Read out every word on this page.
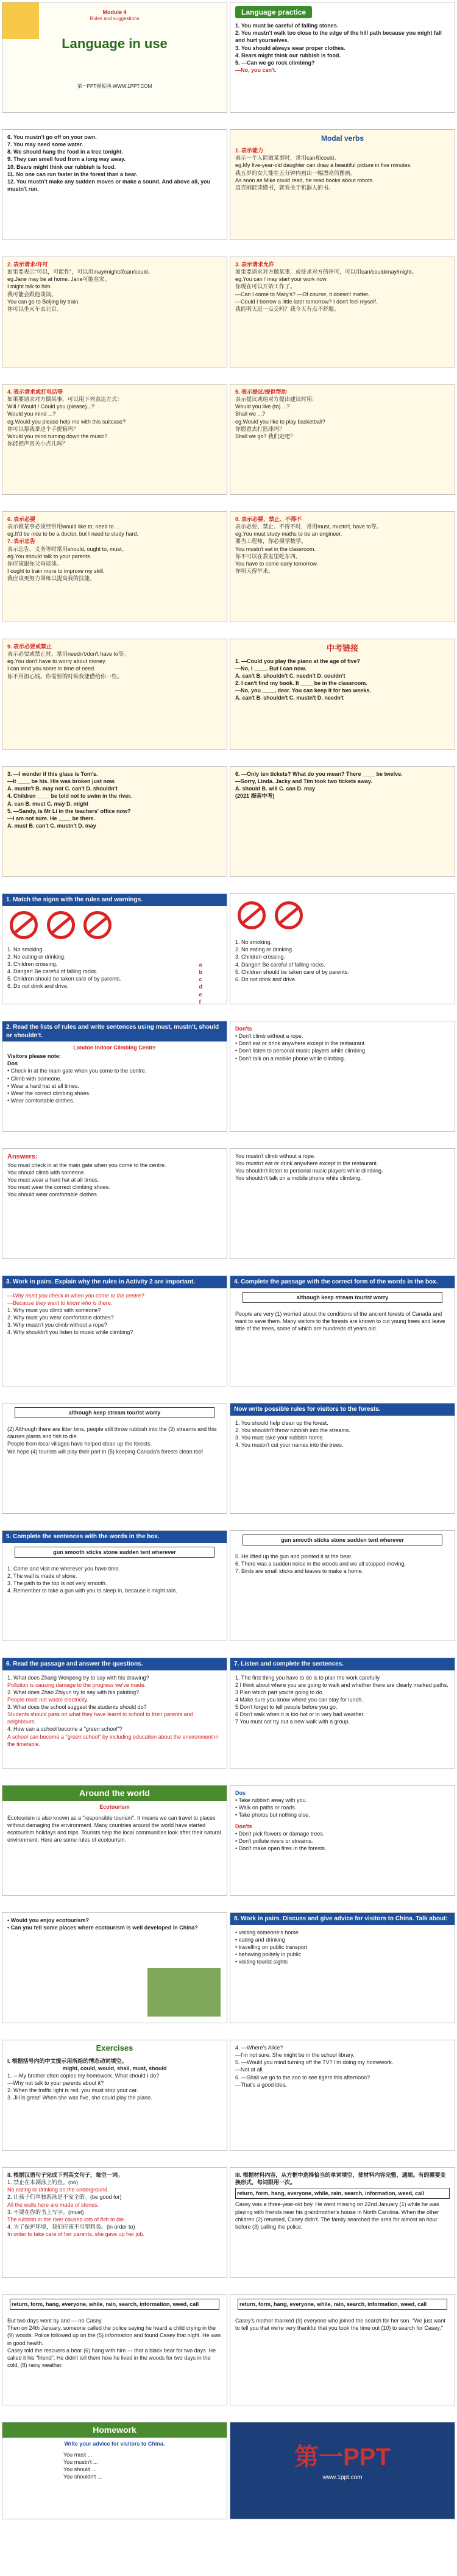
Module 4
Rules and suggestions
Language in use
第一PPT模板网-WWW.1PPT.COM
Language practice
1. You must be careful of falling stones.
2. You mustn't walk too close to the edge of the hill path because you might fall and hurt yourselves.
3. You should always wear proper clothes.
4. Bears might think our rubbish is food.
5. —Can we go rock climbing?
—No, you can't.
6. You mustn't go off on your own.
7. You may need some water.
8. We should hang the food in a tree tonight.
9. They can smell food from a long way away.
10. Bears might think our rubbish is food.
11. No one can run faster in the forest than a bear.
12. You mustn't make any sudden moves or make a sound. And above all, you mustn't run.
Modal verbs
1. 表示能力
表示一个人能做某事时，常用can和could。
eg.My five-year-old daughter can draw a beautiful picture in five minutes.
我五岁的女儿能在五分钟内画出一幅漂亮的图画。
As soon as Mike could read, he read books about robots.
迈克刚能读懂书，就看关于机器人的书。
2. 表示请求/许可
如果要表示"可以，可能性"，可以用may/might或can/could。
eg.Jane may be at home. Jane可能在家。
I might talk to him.
我可能会跟他谈谈。
You can go to Beijing by train.
你可以坐火车去北京。
3. 表示请求允许
如果要请求对方做某事，或征求对方的许可，可以用can/could/may/might。
eg.You can / may start your work now.
你现在可以开始工作了。
—Can I come to Mary's? —Of course, it doesn't matter.
—Could I borrow a little later tomorrow? I don't feel myself.
我能明天迟一点交吗？我今天有点不舒服。
4. 表示请求或打电话等
如果要请求对方做某事，可以用下列表达方式：
Will / Would / Could you (please)...?
Would you mind ...?
eg.Would you please help me with this suitcase?
你可以帮我拿这个手提箱吗？
Would you mind turning down the music?
你能把声音关小点儿吗？
5. 表示提议/提供帮助
表示提议或给对方提出建议时用:
Would you like (to) ...?
Shall we ...?
eg.Would you like to play basketball?
你愿意去打篮球吗？
Shall we go? 我们走吧？
6. 表示必要
表示做某事必须经常用would like to; need to ...
eg.It'd be nice to be a doctor, but I need to study hard.
7. 表示忠告
表示忠告，义务等时常用should, ought to, must。
eg.You should talk to your parents.
你应该跟你父母谈谈。
I ought to train more to improve my skill.
我应该更努力训练以提高我的技能。
8. 表示必要、禁止、不得不
表示必要、禁止、不得不时，常用must, mustn't, have to等。
eg.You must study maths to be an engineer.
要当工程师，你必须学数学。
You mustn't eat in the classroom.
你不可以在教室里吃东西。
You have to come early tomorrow.
你明天得早来。
9. 表示必要或禁止
表示必要或禁止时，常用needn't/don't have to等。
eg.You don't have to worry about money.
I can lend you some in time of need.
你不用担心钱。你需要的时候我能借给你一些。
中考链接
1. —Could you play the piano at the age of five?
—No, I ____. But I can now.
A. can't B. shouldn't C. needn't D. couldn't
2. I can't find my book. It ____ be in the classroom.
—No, you ____, dear. You can keep it for two weeks.
A. can't B. shouldn't C. mustn't D. needn't
3. —I wonder if this glass is Tom's.
—It ____ be his. His was broken just now.
A. mustn't B. may not C. can't D. shouldn't
4. Children ____ be told not to swim in the river.
A. can B. must C. may D. might
5. —Sandy, is Mr Li in the teachers' office now?
—I am not sure. He ____ be there.
A. must B. can't C. mustn't D. may
6. —Only ten tickets? What do you mean? There ____ be twelve.
—Sorry, Linda. Jacky and Tim took two tickets away.
A. should B. will C. can D. may
(2021 海南中考)
1. Match the signs with the rules and warnings.

1. No smoking.
2. No eating or drinking.
3. Children crossing.
4. Danger! Be careful of falling rocks.
5. Children should be taken care of by parents.
6. Do not drink and drive.
a
b
c
d
e
f

1. No smoking.
2. No eating or drinking.
3. Children crossing.
4. Danger! Be careful of falling rocks.
5. Children should be taken care of by parents.
6. Do not drink and drive.
2. Read the lists of rules and write sentences using must, mustn't, should or shouldn't.
London Indoor Climbing Centre
Visitors please note:
Dos
• Check in at the main gate when you come to the centre.
• Climb with someone.
• Wear a hard hat at all times.
• Wear the correct climbing shoes.
• Wear comfortable clothes.
Don'ts
• Don't climb without a rope.
• Don't eat or drink anywhere except in the restaurant.
• Don't listen to personal music players while climbing.
• Don't talk on a mobile phone while climbing.
Answers:
You must check in at the main gate when you come to the centre.
You should climb with someone.
You must wear a hard hat at all times.
You must wear the correct climbing shoes.
You should wear comfortable clothes.
You mustn't climb without a rope.
You mustn't eat or drink anywhere except in the restaurant.
You shouldn't listen to personal music players while climbing.
You shouldn't talk on a mobile phone while climbing.
3. Work in pairs. Explain why the rules in Activity 2 are important.
—Why must you check in when you come to the centre?
—Because they want to know who is there.
1. Why must you climb with someone?
2. Why must you wear comfortable clothes?
3. Why mustn't you climb without a rope?
4. Why shouldn't you listen to music while climbing?
4. Complete the passage with the correct form of the words in the box.
although keep stream tourist worry
People are very (1) worried about the conditions of the ancient forests of Canada and want to save them. Many visitors to the forests are known to cut young trees and leave little of the trees, some of which are hundreds of years old.
although keep stream tourist worry
(2) Although there are litter bins, people still throw rubbish into the (3) streams and this causes plants and fish to die.
People from local villages have helped clean up the forests.
We hope (4) tourists will play their part in (5) keeping Canada's forests clean too!
Now write possible rules for visitors to the forests.
1. You should help clean up the forest.
2. You shouldn't throw rubbish into the streams.
3. You must take your rubbish home.
4. You mustn't cut your names into the trees.
5. Complete the sentences with the words in the box.
gun smooth sticks stone sudden tent wherever
1. Come and visit me wherever you have time.
2. The wall is made of stone.
3. The path to the top is not very smooth.
4. Remember to take a gun with you to sleep in, because it might rain.
gun smooth sticks stone sudden tent wherever
5. He lifted up the gun and pointed it at the bear.
6. There was a sudden noise in the woods and we all stopped moving.
7. Birds are small sticks and leaves to make a home.
6. Read the passage and answer the questions.
1. What does Zhang Wenpeng try to say with his drawing?
Pollution is causing damage to the progress we've made.
2. What does Zhao Zhiyun try to say with his painting?
People must not waste electricity.
3. What does the school suggest the students should do?
Students should pass on what they have learnt in school to their parents and neighbours.
4. How can a school become a "green school"?
A school can become a "green school" by including education about the environment in the timetable.
7. Listen and complete the sentences.
1. The first thing you have to do is to plan the work carefully.
2 I think about where you are going to walk and whether there are clearly marked paths.
3 Plan which part you're going to do.
4 Make sure you know where you can stay for lunch.
5 Don't forget to tell people before you go.
6 Don't walk when it is too hot or in very bad weather.
7 You must not try out a new walk with a group.
Around the world
Ecotourism
Ecotourism is also known as a "responsible tourism". It means we can travel to places without damaging the environment. Many countries around the world have started ecotourism holidays and trips. Tourists help the local communities look after their natural environment. Here are some rules of ecotourism.
Dos
• Take rubbish away with you.
• Walk on paths or roads.
• Take photos but nothing else.
Don'ts
• Don't pick flowers or damage trees.
• Don't pollute rivers or streams.
• Don't make open fires in the forests.
• Would you enjoy ecotourism?
• Can you tell some places where ecotourism is well developed in China?
8. Work in pairs. Discuss and give advice for visitors to China. Talk about:
• visiting someone's home
• eating and drinking
• travelling on public transport
• behaving politely in public
• visiting tourist sights
Exercises
I. 根据括号内的中文提示用所给的情态动词填空。
might, could, would, shall, must, should
1. —My brother often copies my homework. What should I do?
—Why not talk to your parents about it?
2. When the traffic light is red, you must stop your car.
3. Jill is great! When she was five, she could play the piano.
4. —Where's Alice?
—I'm not sure. She might be in the school library.
5. —Would you mind turning off the TV? I'm doing my homework.
—Not at all.
6. —Shall we go to the zoo to see tigers this afternoon?
—That's a good idea.
II. 根据汉语句子完成下列英文句子，每空一词。
1. 禁止在本湖泳上钓鱼。(no)
No eating or drinking on the underground.
2. 让孩子们单独游泳是不安全的。(be good for)
All the walls here are made of stones.
3. 不要在你的书上写字。(must)
The rubbish in the river caused lots of fish to die.
4. 为了保护环境，我们应该不用塑料袋。(in order to)
In order to take care of her parents, she gave up her job.
III. 根据材料内容，从方框中选择恰当的单词填空，使材料内容完整，通顺。有的需要变换形式，每词限用一次。
return, form, hang, everyone, while, rain, search, information, weed, call
Casey was a three-year-old boy. He went missing on 22nd January (1) while he was playing with friends near his grandmother's house in North Carolina. When the other children (2) returned, Casey didn't. The family searched the area for almost an hour before (3) calling the police.
return, form, hang, everyone, while, rain, search, information, weed, call
But two days went by and — no Casey.
Then on 24th January, someone called the police saying he heard a child crying in the (9) woods. Police followed up on the (5) information and found Casey that night. He was in good health.
Casey told the rescuers a bear (6) hang with him — that a black bear for two days. He called it his "friend". He didn't tell them how he lived in the woods for two days in the cold, (8) rainy weather.
return, form, hang, everyone, while, rain, search, information, weed, call
Casey's mother thanked (9) everyone who joined the search for her son. "We just want to tell you that we're very thankful that you took the time out (10) to search for Casey."
Homework
Write your advice for visitors to China.
You must ...
You mustn't ...
You should ...
You shouldn't ...
第一PPT
www.1ppt.com
